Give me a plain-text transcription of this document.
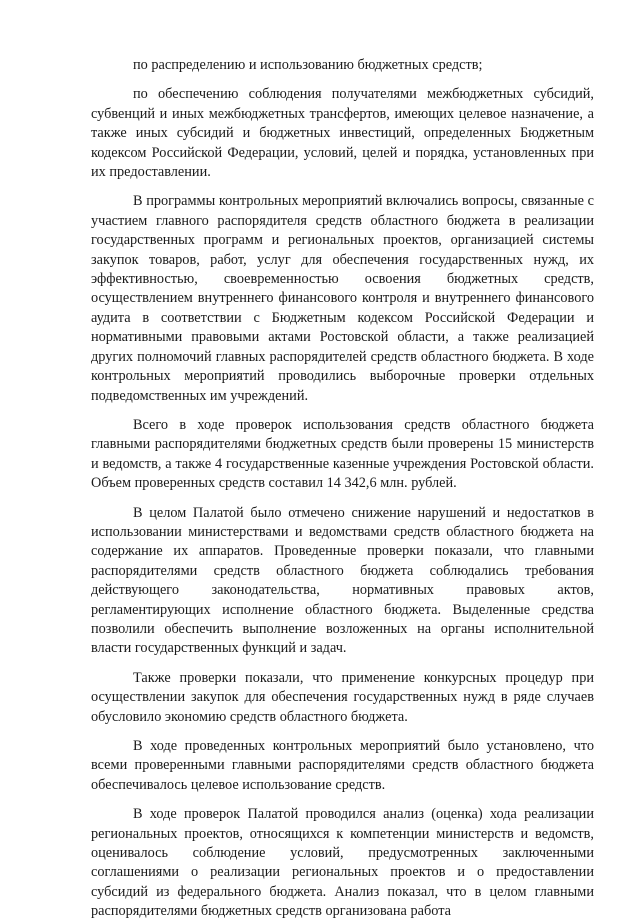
по распределению и использованию бюджетных средств;

по обеспечению соблюдения получателями межбюджетных субсидий, субвенций и иных межбюджетных трансфертов, имеющих целевое назначение, а также иных субсидий и бюджетных инвестиций, определенных Бюджетным кодексом Российской Федерации, условий, целей и порядка, установленных при их предоставлении.

В программы контрольных мероприятий включались вопросы, связанные с участием главного распорядителя средств областного бюджета в реализации государственных программ и региональных проектов, организацией системы закупок товаров, работ, услуг для обеспечения государственных нужд, их эффективностью, своевременностью освоения бюджетных средств, осуществлением внутреннего финансового контроля и внутреннего финансового аудита в соответствии с Бюджетным кодексом Российской Федерации и нормативными правовыми актами Ростовской области, а также реализацией других полномочий главных распорядителей средств областного бюджета. В ходе контрольных мероприятий проводились выборочные проверки отдельных подведомственных им учреждений.

Всего в ходе проверок использования средств областного бюджета главными распорядителями бюджетных средств были проверены 15 министерств и ведомств, а также 4 государственные казенные учреждения Ростовской области. Объем проверенных средств составил 14 342,6 млн. рублей.

В целом Палатой было отмечено снижение нарушений и недостатков в использовании министерствами и ведомствами средств областного бюджета на содержание их аппаратов. Проведенные проверки показали, что главными распорядителями средств областного бюджета соблюдались требования действующего законодательства, нормативных правовых актов, регламентирующих исполнение областного бюджета. Выделенные средства позволили обеспечить выполнение возложенных на органы исполнительной власти государственных функций и задач.

Также проверки показали, что применение конкурсных процедур при осуществлении закупок для обеспечения государственных нужд в ряде случаев обусловило экономию средств областного бюджета.

В ходе проведенных контрольных мероприятий было установлено, что всеми проверенными главными распорядителями средств областного бюджета обеспечивалось целевое использование средств.

В ходе проверок Палатой проводился анализ (оценка) хода реализации региональных проектов, относящихся к компетенции министерств и ведомств, оценивалось соблюдение условий, предусмотренных заключенными соглашениями о реализации региональных проектов и о предоставлении субсидий из федерального бюджета. Анализ показал, что в целом главными распорядителями бюджетных средств организована работа
